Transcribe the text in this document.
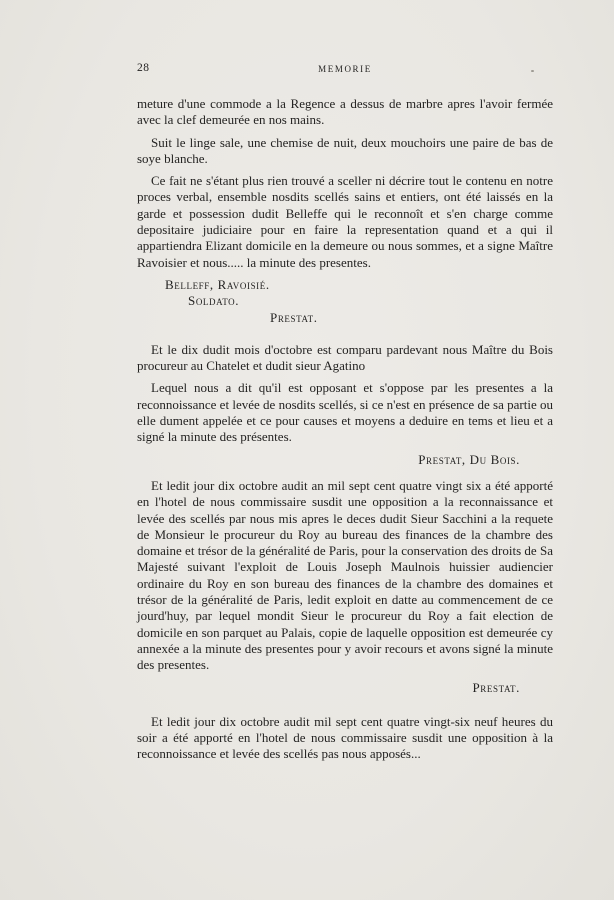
28	MEMORIE

meture d'une commode a la Regence a dessus de marbre apres l'avoir fermée avec la clef demeurée en nos mains.

Suit le linge sale, une chemise de nuit, deux mouchoirs une paire de bas de soye blanche.

Ce fait ne s'étant plus rien trouvé a sceller ni décrire tout le contenu en notre proces verbal, ensemble nosdits scellés sains et entiers, ont été laissés en la garde et possession dudit Belleffe qui le reconnoît et s'en charge comme depositaire judiciaire pour en faire la representation quand et a qui il appartiendra Elizant domicile en la demeure ou nous sommes, et a signe Maître Ravoisier et nous..... la minute des presentes.

Belleff, Ravoisié.
Soldato.
Prestat.

Et le dix dudit mois d'octobre est comparu pardevant nous Maître du Bois procureur au Chatelet et dudit sieur Agatino

Lequel nous a dit qu'il est opposant et s'oppose par les presentes a la reconnoissance et levée de nosdits scellés, si ce n'est en présence de sa partie ou elle dument appelée et ce pour causes et moyens a deduire en tems et lieu et a signé la minute des présentes.

Prestat, Du Bois.

Et ledit jour dix octobre audit an mil sept cent quatre vingt six a été apporté en l'hotel de nous commissaire susdit une opposition a la reconnaissance et levée des scellés par nous mis apres le deces dudit Sieur Sacchini a la requete de Monsieur le procureur du Roy au bureau des finances de la chambre des domaine et trésor de la généralité de Paris, pour la conservation des droits de Sa Majesté suivant l'exploit de Louis Joseph Maulnois huissier audiencier ordinaire du Roy en son bureau des finances de la chambre des domaines et trésor de la généralité de Paris, ledit exploit en datte au commencement de ce jourd'huy, par lequel mondit Sieur le procureur du Roy a fait election de domicile en son parquet au Palais, copie de laquelle opposition est demeurée cy annexée a la minute des presentes pour y avoir recours et avons signé la minute des presentes.

Prestat.

Et ledit jour dix octobre audit mil sept cent quatre vingt-six neuf heures du soir a été apporté en l'hotel de nous commissaire susdit une opposition à la reconnoissance et levée des scellés pas nous apposés...
